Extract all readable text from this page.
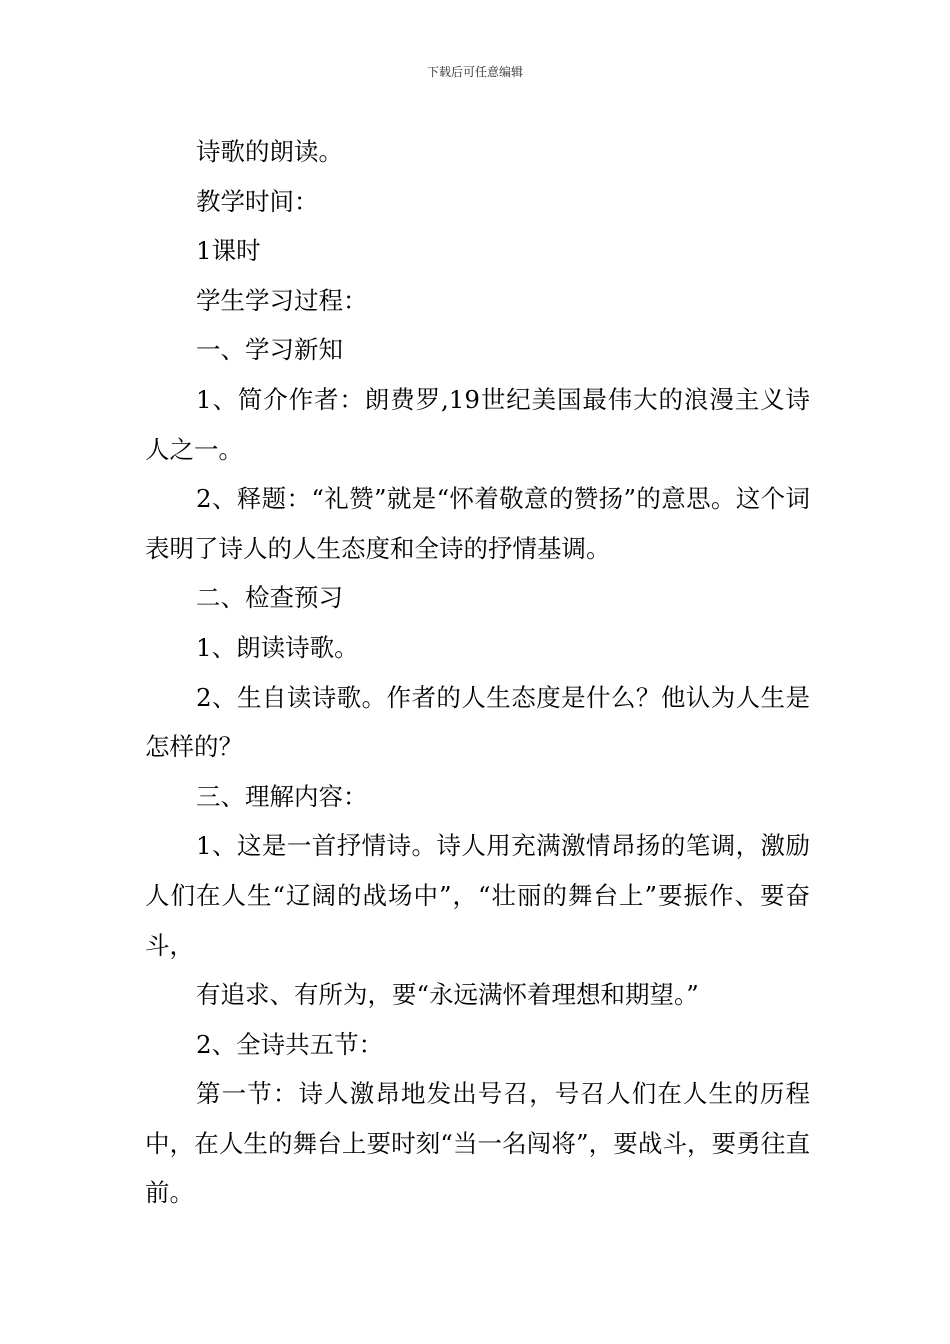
下载后可任意编辑

诗歌的朗读。

教学时间：

1课时

学生学习过程：

一、学习新知

1、简介作者：朗费罗,19世纪美国最伟大的浪漫主义诗人之一。

2、释题：“礼赞”就是“怀着敬意的赞扬”的意思。这个词表明了诗人的人生态度和全诗的抒情基调。

二、检查预习

1、朗读诗歌。

2、生自读诗歌。作者的人生态度是什么？他认为人生是怎样的？

三、理解内容：

1、这是一首抒情诗。诗人用充满激情昂扬的笔调，激励人们在人生“辽阔的战场中”，“壮丽的舞台上”要振作、要奋斗，

有追求、有所为，要“永远满怀着理想和期望。”

2、全诗共五节：

第一节：诗人激昂地发出号召，号召人们在人生的历程中，在人生的舞台上要时刻“当一名闯将”，要战斗，要勇往直前。
